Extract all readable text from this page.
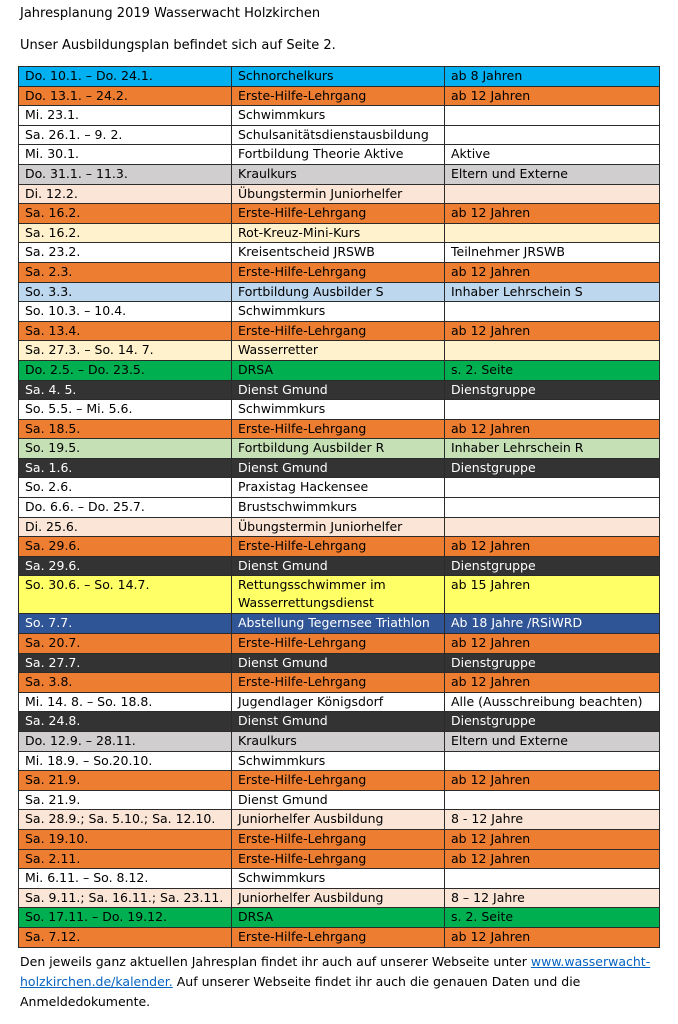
Jahresplanung 2019 Wasserwacht Holzkirchen
Unser Ausbildungsplan befindet sich auf Seite 2.
Do. 10.1. – Do. 24.1.	Schnorchelkurs	ab 8 Jahren
Do. 13.1. – 24.2.	Erste-Hilfe-Lehrgang	ab 12 Jahren
Mi. 23.1.	Schwimmkurs	
Sa. 26.1. – 9. 2.	Schulsanitätsdienstausbildung	
Mi. 30.1.	Fortbildung Theorie Aktive	Aktive
Do. 31.1. – 11.3.	Kraulkurs	Eltern und Externe
Di. 12.2.	Übungstermin Juniorhelfer	
Sa. 16.2.	Erste-Hilfe-Lehrgang	ab 12 Jahren
Sa. 16.2.	Rot-Kreuz-Mini-Kurs	
Sa. 23.2.	Kreisentscheid JRSWB	Teilnehmer JRSWB
Sa. 2.3.	Erste-Hilfe-Lehrgang	ab 12 Jahren
So. 3.3.	Fortbildung Ausbilder S	Inhaber Lehrschein S
So. 10.3. – 10.4.	Schwimmkurs	
Sa. 13.4.	Erste-Hilfe-Lehrgang	ab 12 Jahren
Sa. 27.3. – So. 14. 7.	Wasserretter	
Do. 2.5. – Do. 23.5.	DRSA	s. 2. Seite
Sa. 4. 5.	Dienst Gmund	Dienstgruppe
So. 5.5. – Mi. 5.6.	Schwimmkurs	
Sa. 18.5.	Erste-Hilfe-Lehrgang	ab 12 Jahren
So. 19.5.	Fortbildung Ausbilder R	Inhaber Lehrschein R
Sa. 1.6.	Dienst Gmund	Dienstgruppe
So. 2.6.	Praxistag Hackensee	
Do. 6.6. – Do. 25.7.	Brustschwimmkurs	
Di. 25.6.	Übungstermin Juniorhelfer	
Sa. 29.6.	Erste-Hilfe-Lehrgang	ab 12 Jahren
Sa. 29.6.	Dienst Gmund	Dienstgruppe
So. 30.6. – So. 14.7.	Rettungsschwimmer im Wasserrettungsdienst	ab 15 Jahren
So. 7.7.	Abstellung Tegernsee Triathlon	Ab 18 Jahre /RSiWRD
Sa. 20.7.	Erste-Hilfe-Lehrgang	ab 12 Jahren
Sa. 27.7.	Dienst Gmund	Dienstgruppe
Sa. 3.8.	Erste-Hilfe-Lehrgang	ab 12 Jahren
Mi. 14. 8. – So. 18.8.	Jugendlager Königsdorf	Alle (Ausschreibung beachten)
Sa. 24.8.	Dienst Gmund	Dienstgruppe
Do. 12.9. – 28.11.	Kraulkurs	Eltern und Externe
Mi. 18.9. – So.20.10.	Schwimmkurs	
Sa. 21.9.	Erste-Hilfe-Lehrgang	ab 12 Jahren
Sa. 21.9.	Dienst Gmund	
Sa. 28.9.; Sa. 5.10.; Sa. 12.10.	Juniorhelfer Ausbildung	8 - 12 Jahre
Sa. 19.10.	Erste-Hilfe-Lehrgang	ab 12 Jahren
Sa. 2.11.	Erste-Hilfe-Lehrgang	ab 12 Jahren
Mi. 6.11. – So. 8.12.	Schwimmkurs	
Sa. 9.11.; Sa. 16.11.; Sa. 23.11.	Juniorhelfer Ausbildung	8 – 12 Jahre
So. 17.11. – Do. 19.12.	DRSA	s. 2. Seite
Sa. 7.12.	Erste-Hilfe-Lehrgang	ab 12 Jahren
Den jeweils ganz aktuellen Jahresplan findet ihr auch auf unserer Webseite unter www.wasserwacht-holzkirchen.de/kalender. Auf unserer Webseite findet ihr auch die genauen Daten und die Anmeldedokumente.
